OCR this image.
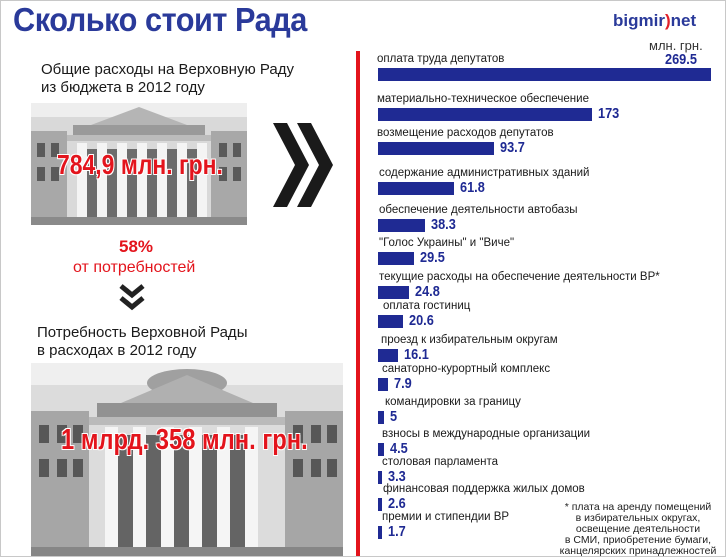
Сколько стоит Рада	bigmir)net
млн. грн.
Общие расходы на Верховную Раду
из бюджета в 2012 году
784,9 млн. грн.
58%
от потребностей
Потребность Верховной Рады
в расходах в 2012 году
1 млрд. 358 млн. грн.
оплата труда депутатов	269.5
материально-техническое обеспечение
173
возмещение расходов депутатов
93.7
содержание административных зданий
61.8
обеспечение деятельности автобазы
38.3
"Голос Украины" и "Виче"
29.5
текущие расходы на обеспечение деятельности ВР*
24.8
оплата гостиниц
20.6
проезд к избирательным округам
16.1
санаторно-курортный комплекс
7.9
командировки за границу
5
взносы в международные организации
4.5
столовая парламента
3.3
финансовая поддержка жилых домов
2.6
премии и стипендии ВР
1.7
* плата на аренду помещений
в избирательных округах,
освещение деятельности
в СМИ, приобретение бумаги,
канцелярских принадлежностей
